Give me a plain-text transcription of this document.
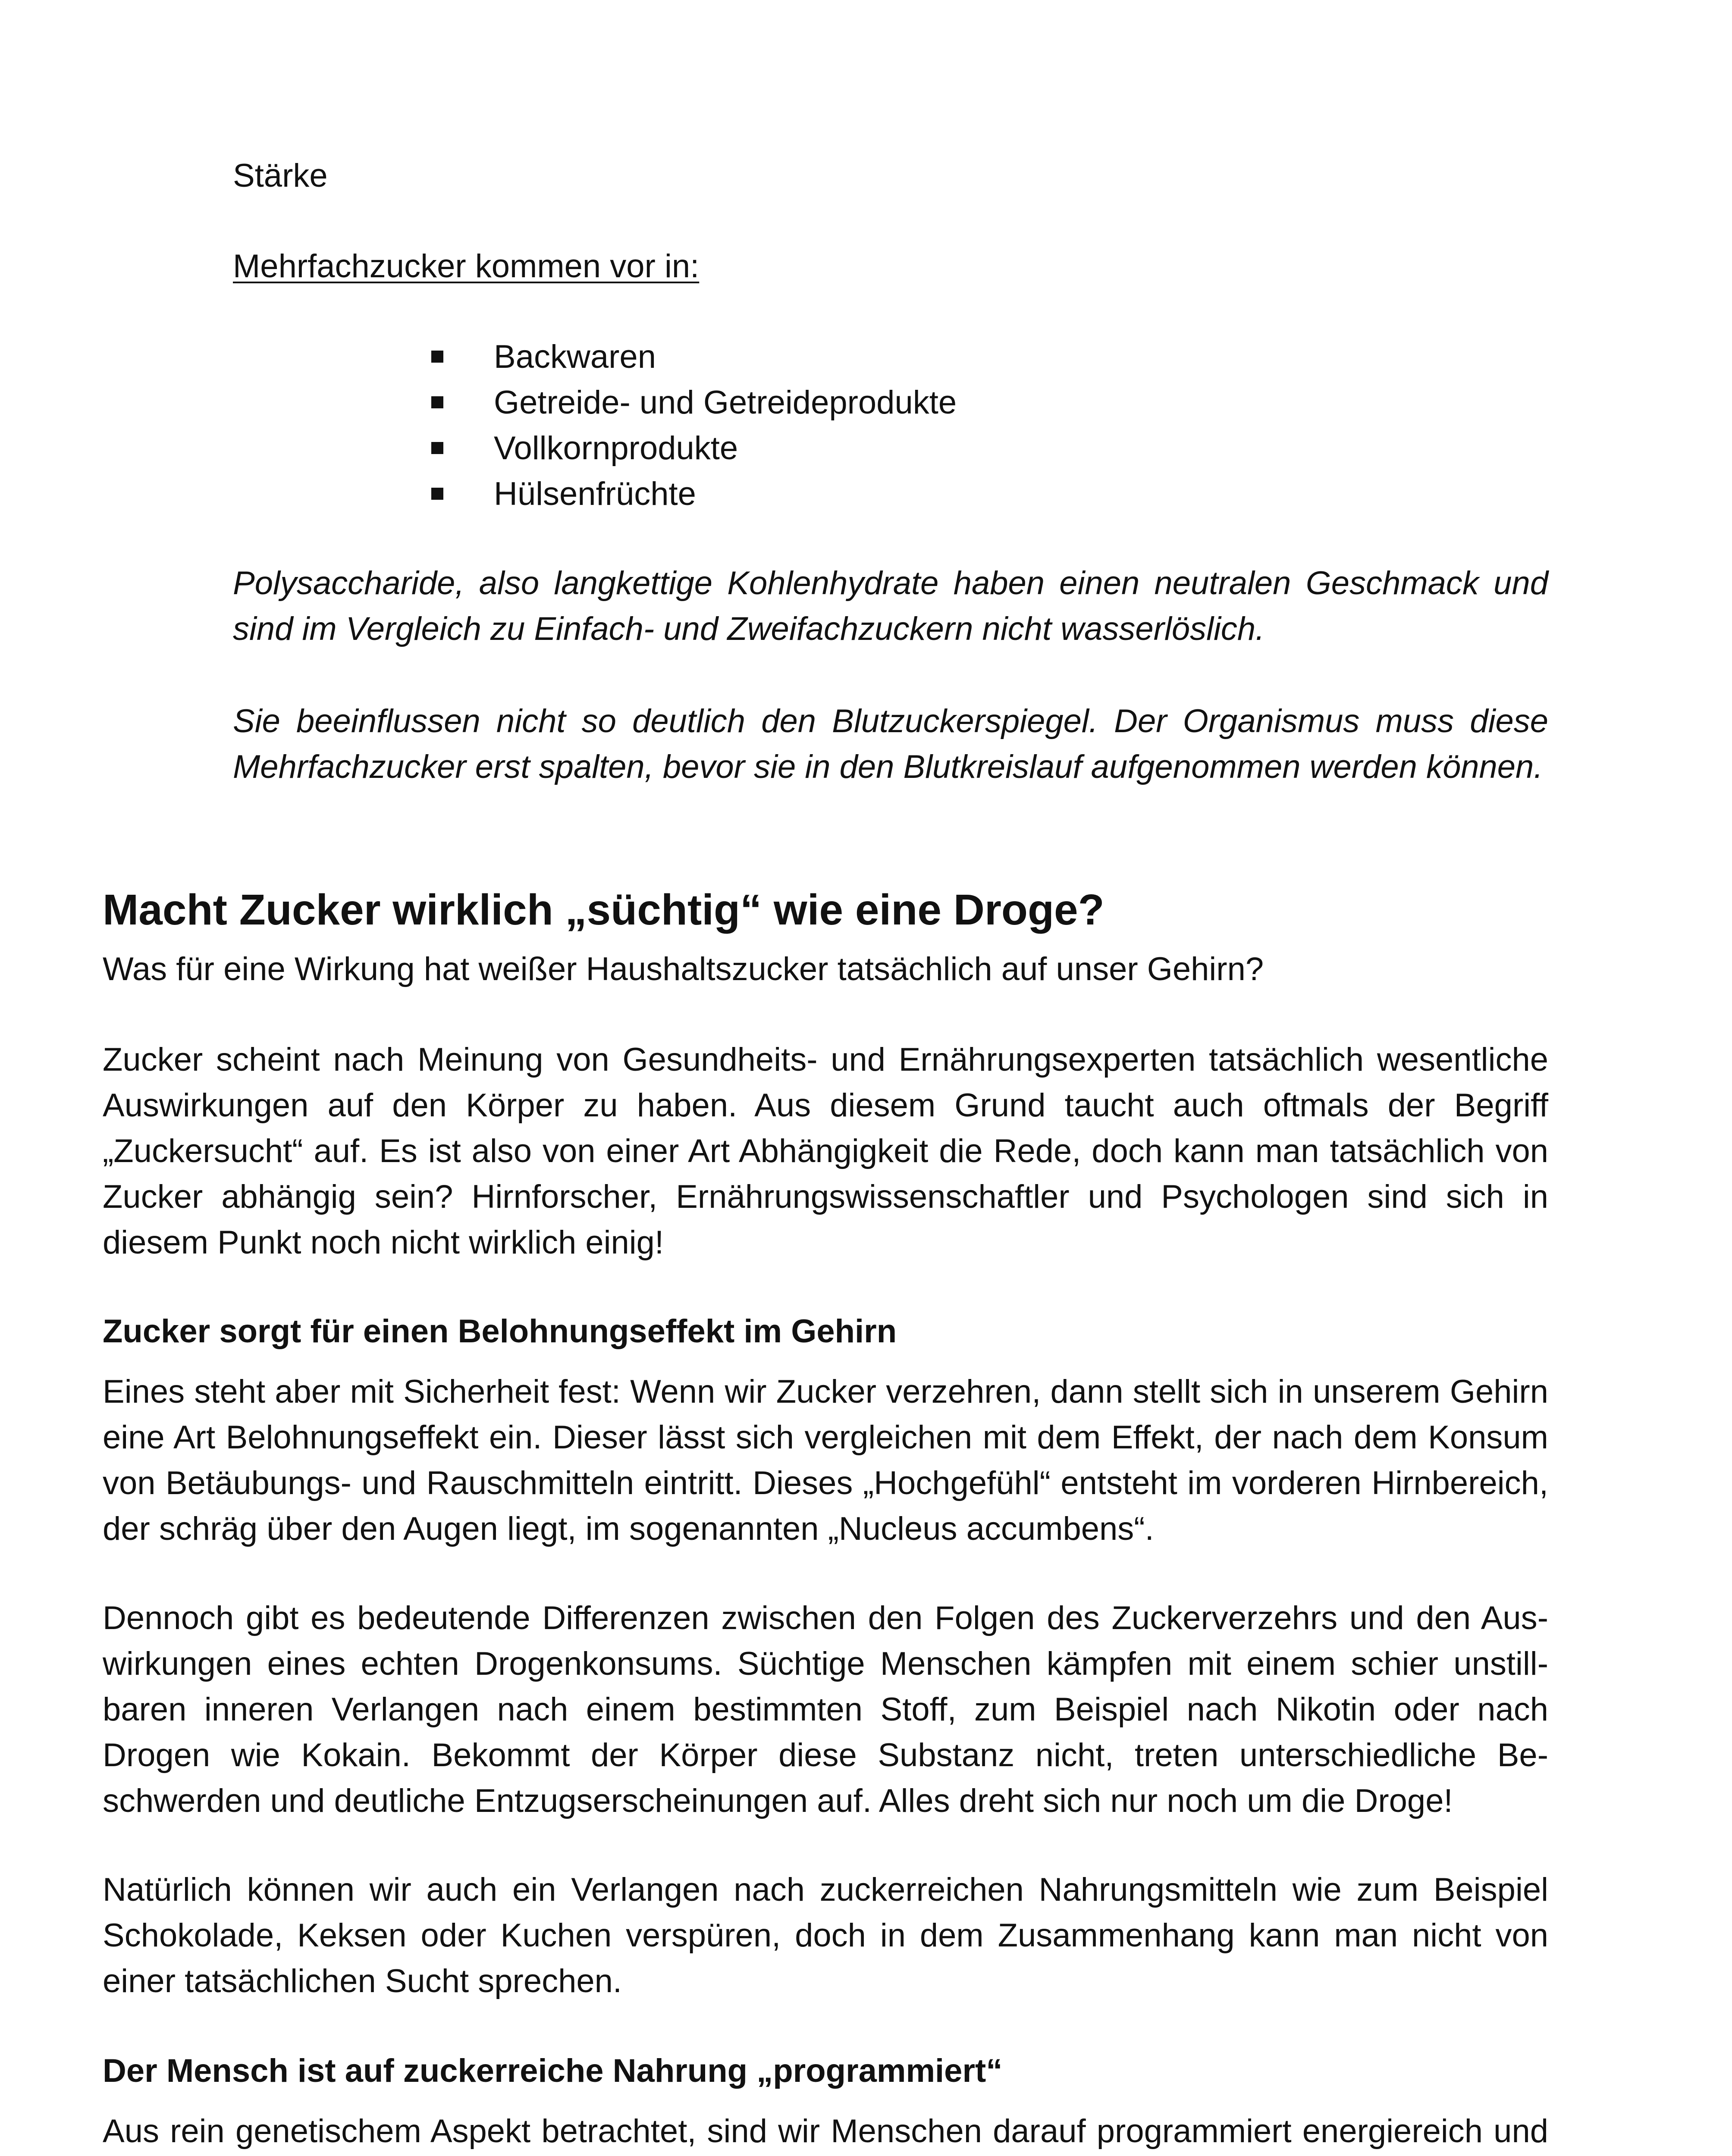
Stärke

Mehrfachzucker kommen vor in:

Backwaren
Getreide- und Getreideprodukte
Vollkornprodukte
Hülsenfrüchte

Polysaccharide, also langkettige Kohlenhydrate haben einen neutralen Geschmack und sind im Vergleich zu Einfach- und Zweifachzuckern nicht wasserlöslich.

Sie beeinflussen nicht so deutlich den Blutzuckerspiegel. Der Organismus muss diese Mehrfachzucker erst spalten, bevor sie in den Blutkreislauf aufgenommen werden können.

Macht Zucker wirklich „süchtig“ wie eine Droge?

Was für eine Wirkung hat weißer Haushaltszucker tatsächlich auf unser Gehirn?

Zucker scheint nach Meinung von Gesundheits- und Ernährungsexperten tatsächlich wesentliche Auswirkungen auf den Körper zu haben. Aus diesem Grund taucht auch oftmals der Begriff „Zuckersucht“ auf. Es ist also von einer Art Abhängigkeit die Rede, doch kann man tatsächlich von Zucker abhängig sein? Hirnforscher, Ernährungswissenschaftler und Psychologen sind sich in diesem Punkt noch nicht wirklich einig!

Zucker sorgt für einen Belohnungseffekt im Gehirn

Eines steht aber mit Sicherheit fest: Wenn wir Zucker verzehren, dann stellt sich in unserem Gehirn eine Art Belohnungseffekt ein. Dieser lässt sich vergleichen mit dem Effekt, der nach dem Konsum von Betäubungs- und Rauschmitteln eintritt. Dieses „Hochgefühl“ entsteht im vorderen Hirnbereich, der schräg über den Augen liegt, im sogenannten „Nucleus accumbens“.

Dennoch gibt es bedeutende Differenzen zwischen den Folgen des Zuckerverzehrs und den Auswirkungen eines echten Drogenkonsums. Süchtige Menschen kämpfen mit einem schier unstillbaren inneren Verlangen nach einem bestimmten Stoff, zum Beispiel nach Nikotin oder nach Drogen wie Kokain. Bekommt der Körper diese Substanz nicht, treten unterschiedliche Beschwerden und deutliche Entzugserscheinungen auf. Alles dreht sich nur noch um die Droge!

Natürlich können wir auch ein Verlangen nach zuckerreichen Nahrungsmitteln wie zum Beispiel Schokolade, Keksen oder Kuchen verspüren, doch in dem Zusammenhang kann man nicht von einer tatsächlichen Sucht sprechen.

Der Mensch ist auf zuckerreiche Nahrung „programmiert“

Aus rein genetischem Aspekt betrachtet, sind wir Menschen darauf programmiert energiereich und
